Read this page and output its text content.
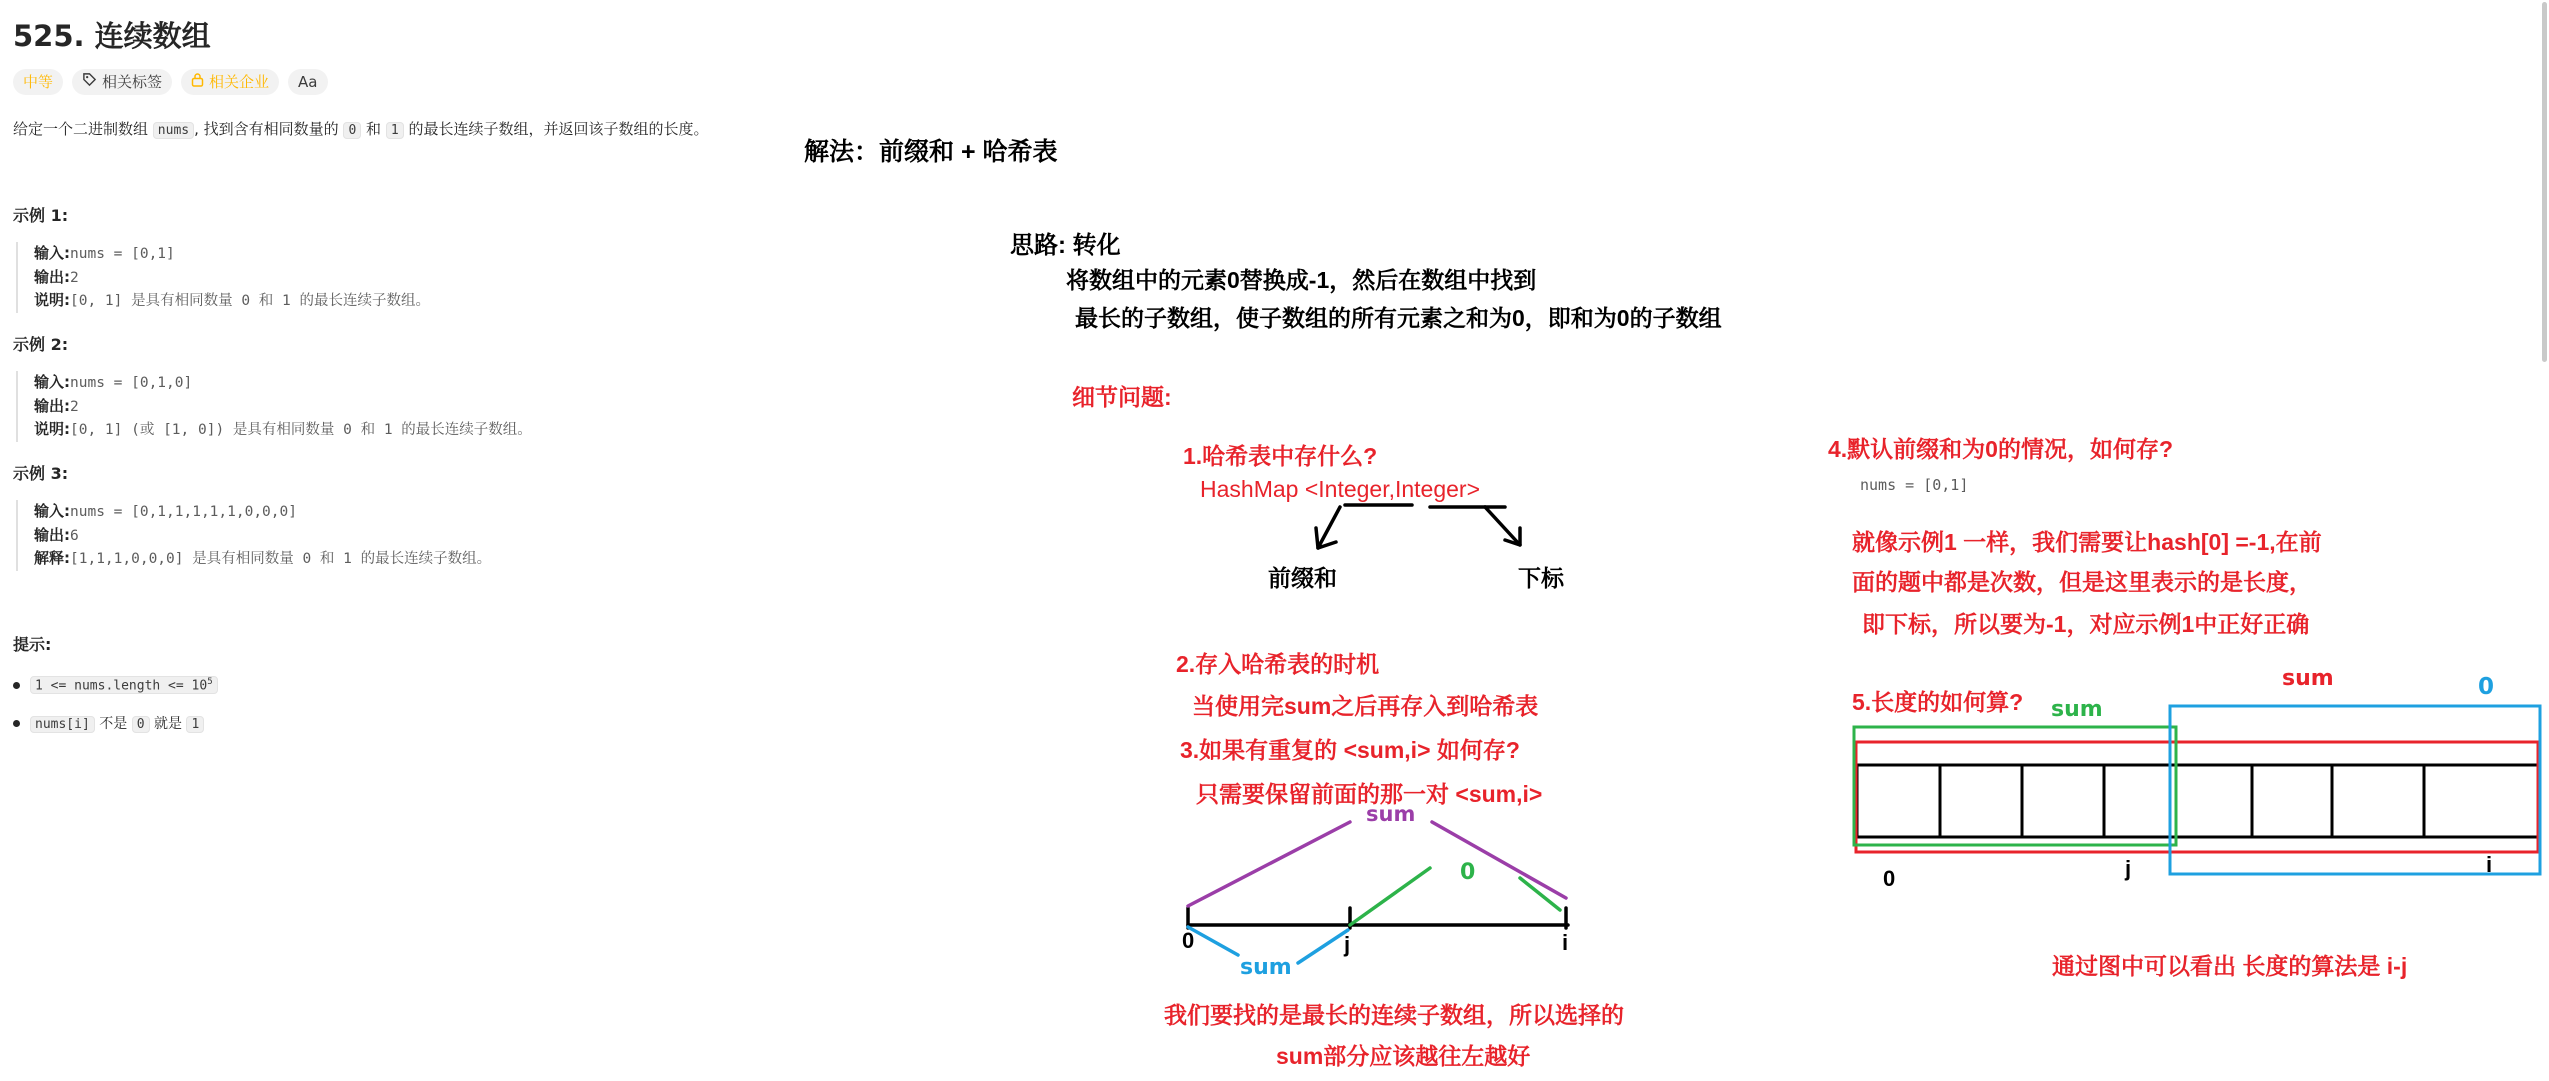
525. 连续数组
中等	相关标签	相关企业	Aa
给定一个二进制数组 nums , 找到含有相同数量的 0 和 1 的最长连续子数组，并返回该子数组的长度。
示例 1:
输入:nums = [0,1]
输出:2
说明:[0, 1] 是具有相同数量 0 和 1 的最长连续子数组。
示例 2:
输入:nums = [0,1,0]
输出:2
说明:[0, 1] (或 [1, 0]) 是具有相同数量 0 和 1 的最长连续子数组。
示例 3:
输入:nums = [0,1,1,1,1,1,0,0,0]
输出:6
解释:[1,1,1,0,0,0] 是具有相同数量 0 和 1 的最长连续子数组。
提示:
1 <= nums.length <= $10^5$
nums[i] 不是 0 就是 1
解法：前缀和 + 哈希表
思路: 转化
将数组中的元素0替换成-1，然后在数组中找到
最长的子数组，使子数组的所有元素之和为0，即和为0的子数组
细节问题:
1.哈希表中存什么?
HashMap <Integer,Integer>
前缀和	下标
2.存入哈希表的时机
当使用完sum之后再存入到哈希表
3.如果有重复的 <sum,i> 如何存?
只需要保留前面的那一对 <sum,i>
sum
0
0	j	i
sum
我们要找的是最长的连续子数组，所以选择的
sum部分应该越往左越好
4.默认前缀和为0的情况，如何存?
nums = [0,1]
就像示例1 一样，我们需要让hash[0] =-1,在前
面的题中都是次数，但是这里表示的是长度，
即下标，所以要为-1，对应示例1中正好正确
5.长度的如何算? sum
sum	0
0	j	i
通过图中可以看出 长度的算法是 i-j
